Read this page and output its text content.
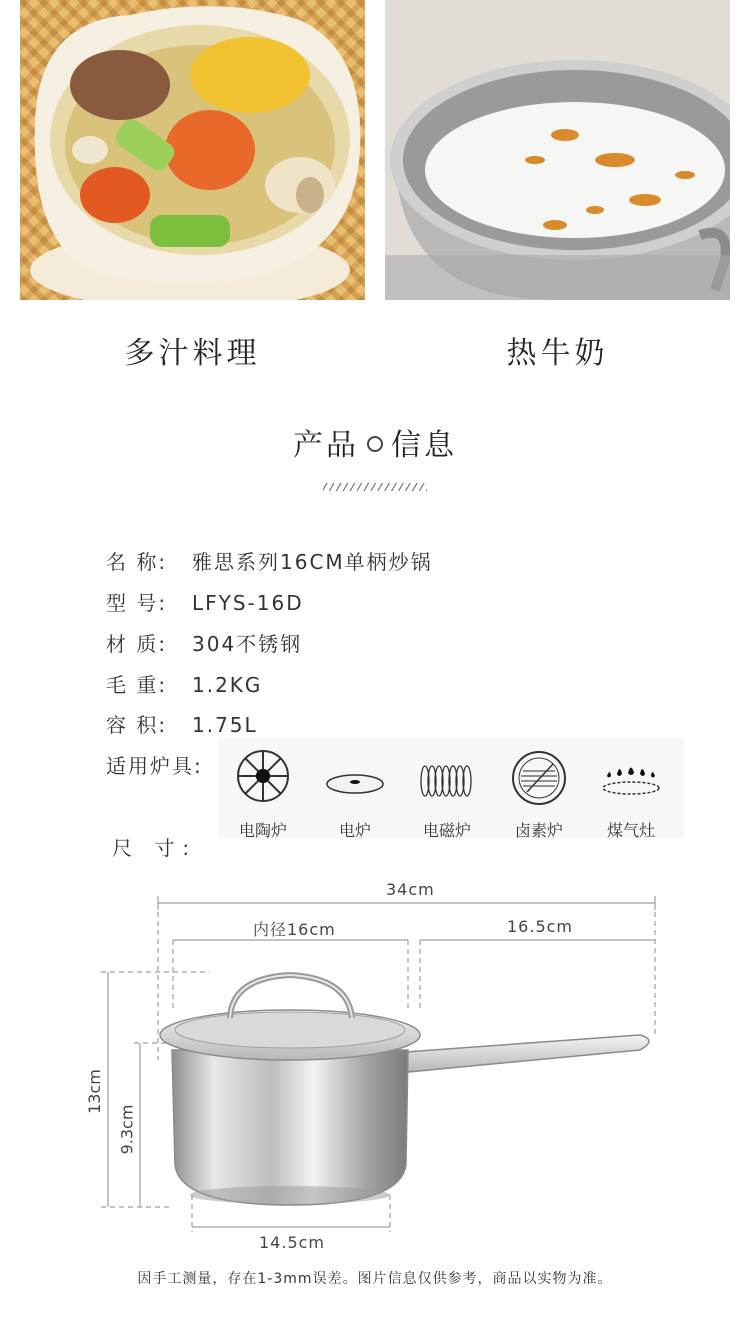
多汁料理	热牛奶
产品 信息
名 称: 雅思系列16CM单柄炒锅
型 号: LFYS-16D
材 质: 304不锈钢
毛 重: 1.2KG
容 积: 1.75L
适用炉具:
电陶炉	电炉	电磁炉	卤素炉	煤气灶
尺 寸:
34cm
内径16cm	16.5cm
13cm
9.3cm
14.5cm
因手工测量，存在1-3mm误差。图片信息仅供参考，商品以实物为准。
